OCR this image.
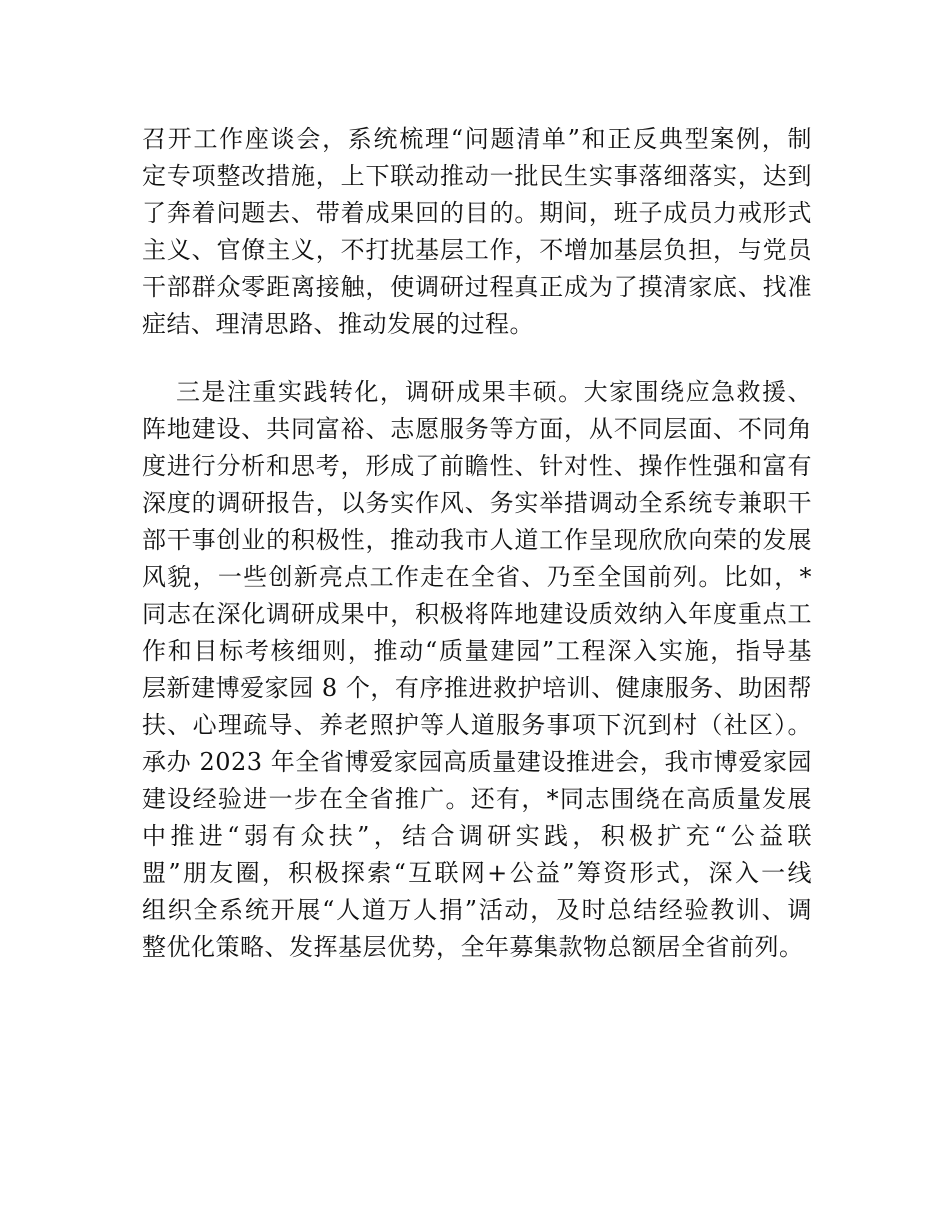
召开工作座谈会，系统梳理“问题清单”和正反典型案例，制
定专项整改措施，上下联动推动一批民生实事落细落实，达到
了奔着问题去、带着成果回的目的。期间，班子成员力戒形式
主义、官僚主义，不打扰基层工作，不增加基层负担，与党员
干部群众零距离接触，使调研过程真正成为了摸清家底、找准
症结、理清思路、推动发展的过程。
三是注重实践转化，调研成果丰硕。大家围绕应急救援、
阵地建设、共同富裕、志愿服务等方面，从不同层面、不同角
度进行分析和思考，形成了前瞻性、针对性、操作性强和富有
深度的调研报告，以务实作风、务实举措调动全系统专兼职干
部干事创业的积极性，推动我市人道工作呈现欣欣向荣的发展
风貌，一些创新亮点工作走在全省、乃至全国前列。比如，*
同志在深化调研成果中，积极将阵地建设质效纳入年度重点工
作和目标考核细则，推动“质量建园”工程深入实施，指导基
层新建博爱家园 8 个，有序推进救护培训、健康服务、助困帮
扶、心理疏导、养老照护等人道服务事项下沉到村（社区）。
承办 2023 年全省博爱家园高质量建设推进会，我市博爱家园
建设经验进一步在全省推广。还有，*同志围绕在高质量发展
中推进“弱有众扶”，结合调研实践，积极扩充“公益联
盟”朋友圈，积极探索“互联网+公益”筹资形式，深入一线
组织全系统开展“人道万人捐”活动，及时总结经验教训、调
整优化策略、发挥基层优势，全年募集款物总额居全省前列。
